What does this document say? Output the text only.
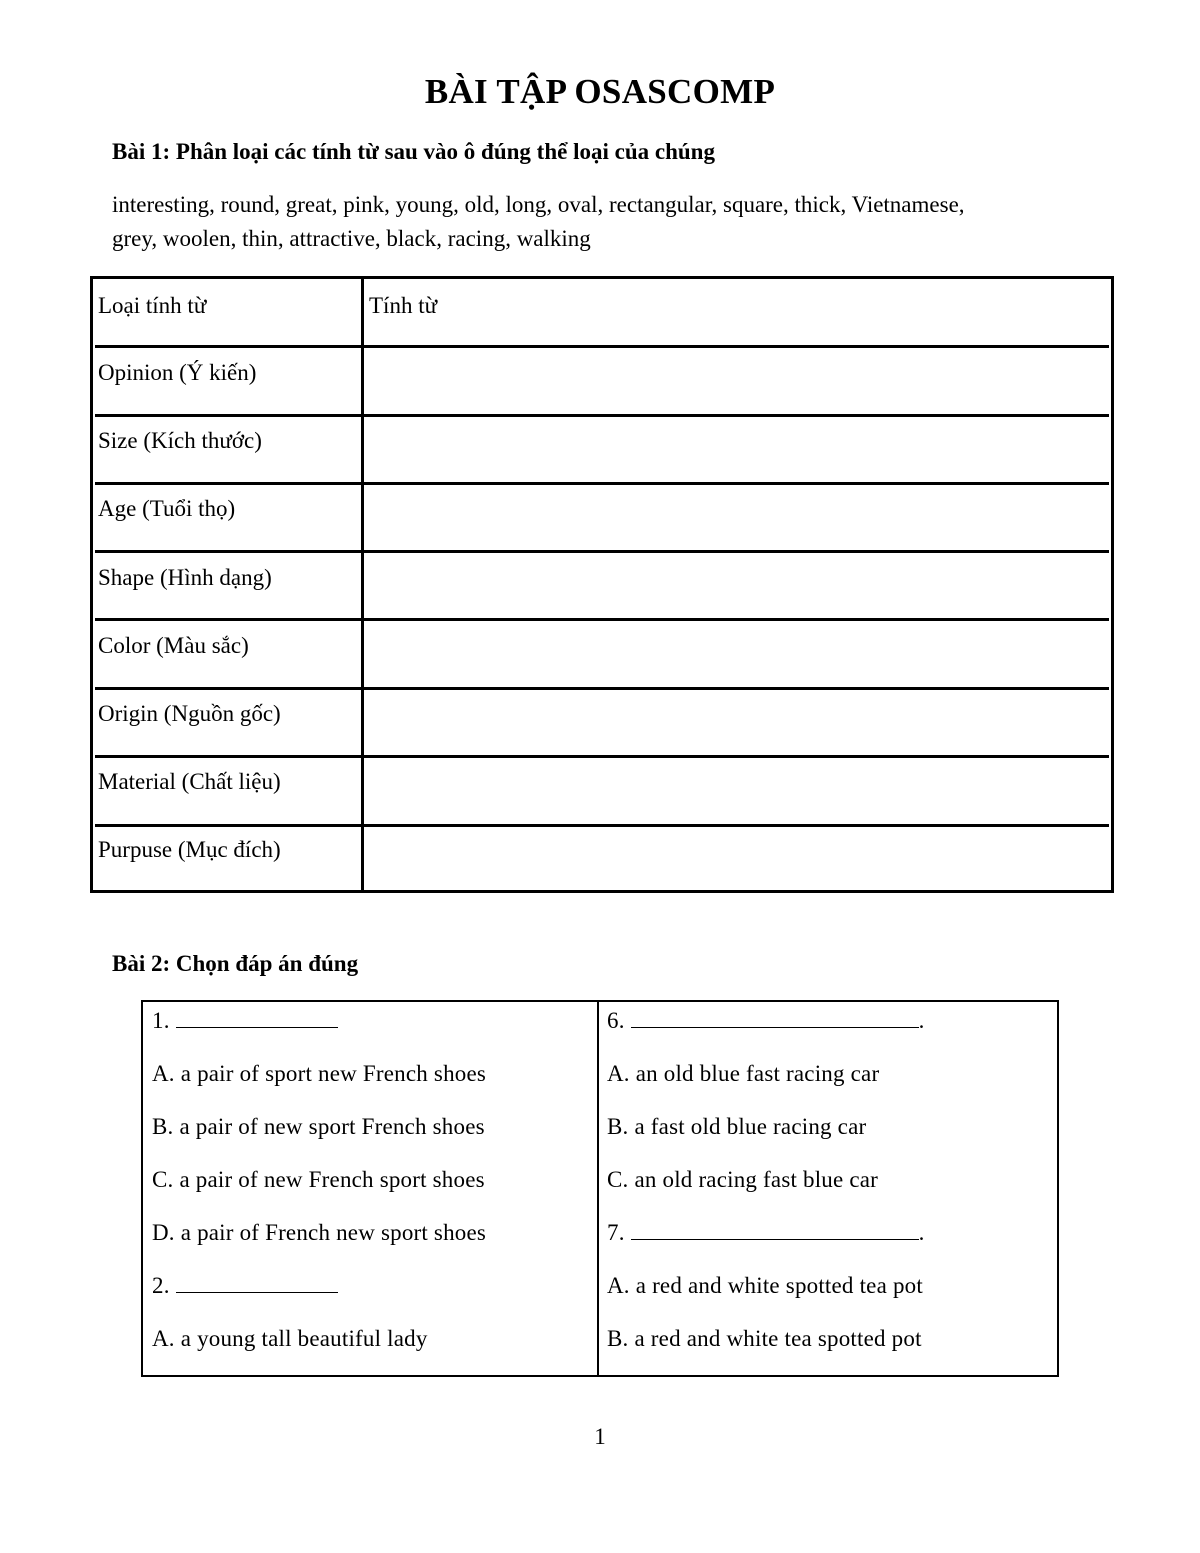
BÀI TẬP OSASCOMP
Bài 1: Phân loại các tính từ sau vào ô đúng thể loại của chúng
interesting, round, great, pink, young, old, long, oval, rectangular, square, thick, Vietnamese,
grey, woolen, thin, attractive, black, racing, walking
Loại tính từ	Tính từ
Opinion (Ý kiến)
Size (Kích thước)
Age (Tuổi thọ)
Shape (Hình dạng)
Color (Màu sắc)
Origin (Nguồn gốc)
Material (Chất liệu)
Purpuse (Mục đích)
Bài 2: Chọn đáp án đúng
1.
A. a pair of sport new French shoes
B. a pair of new sport French shoes
C. a pair of new French sport shoes
D. a pair of French new sport shoes
2.
A. a young tall beautiful lady
6.	.
A. an old blue fast racing car
B. a fast old blue racing car
C. an old racing fast blue car
7.	.
A. a red and white spotted tea pot
B. a red and white tea spotted pot
1
